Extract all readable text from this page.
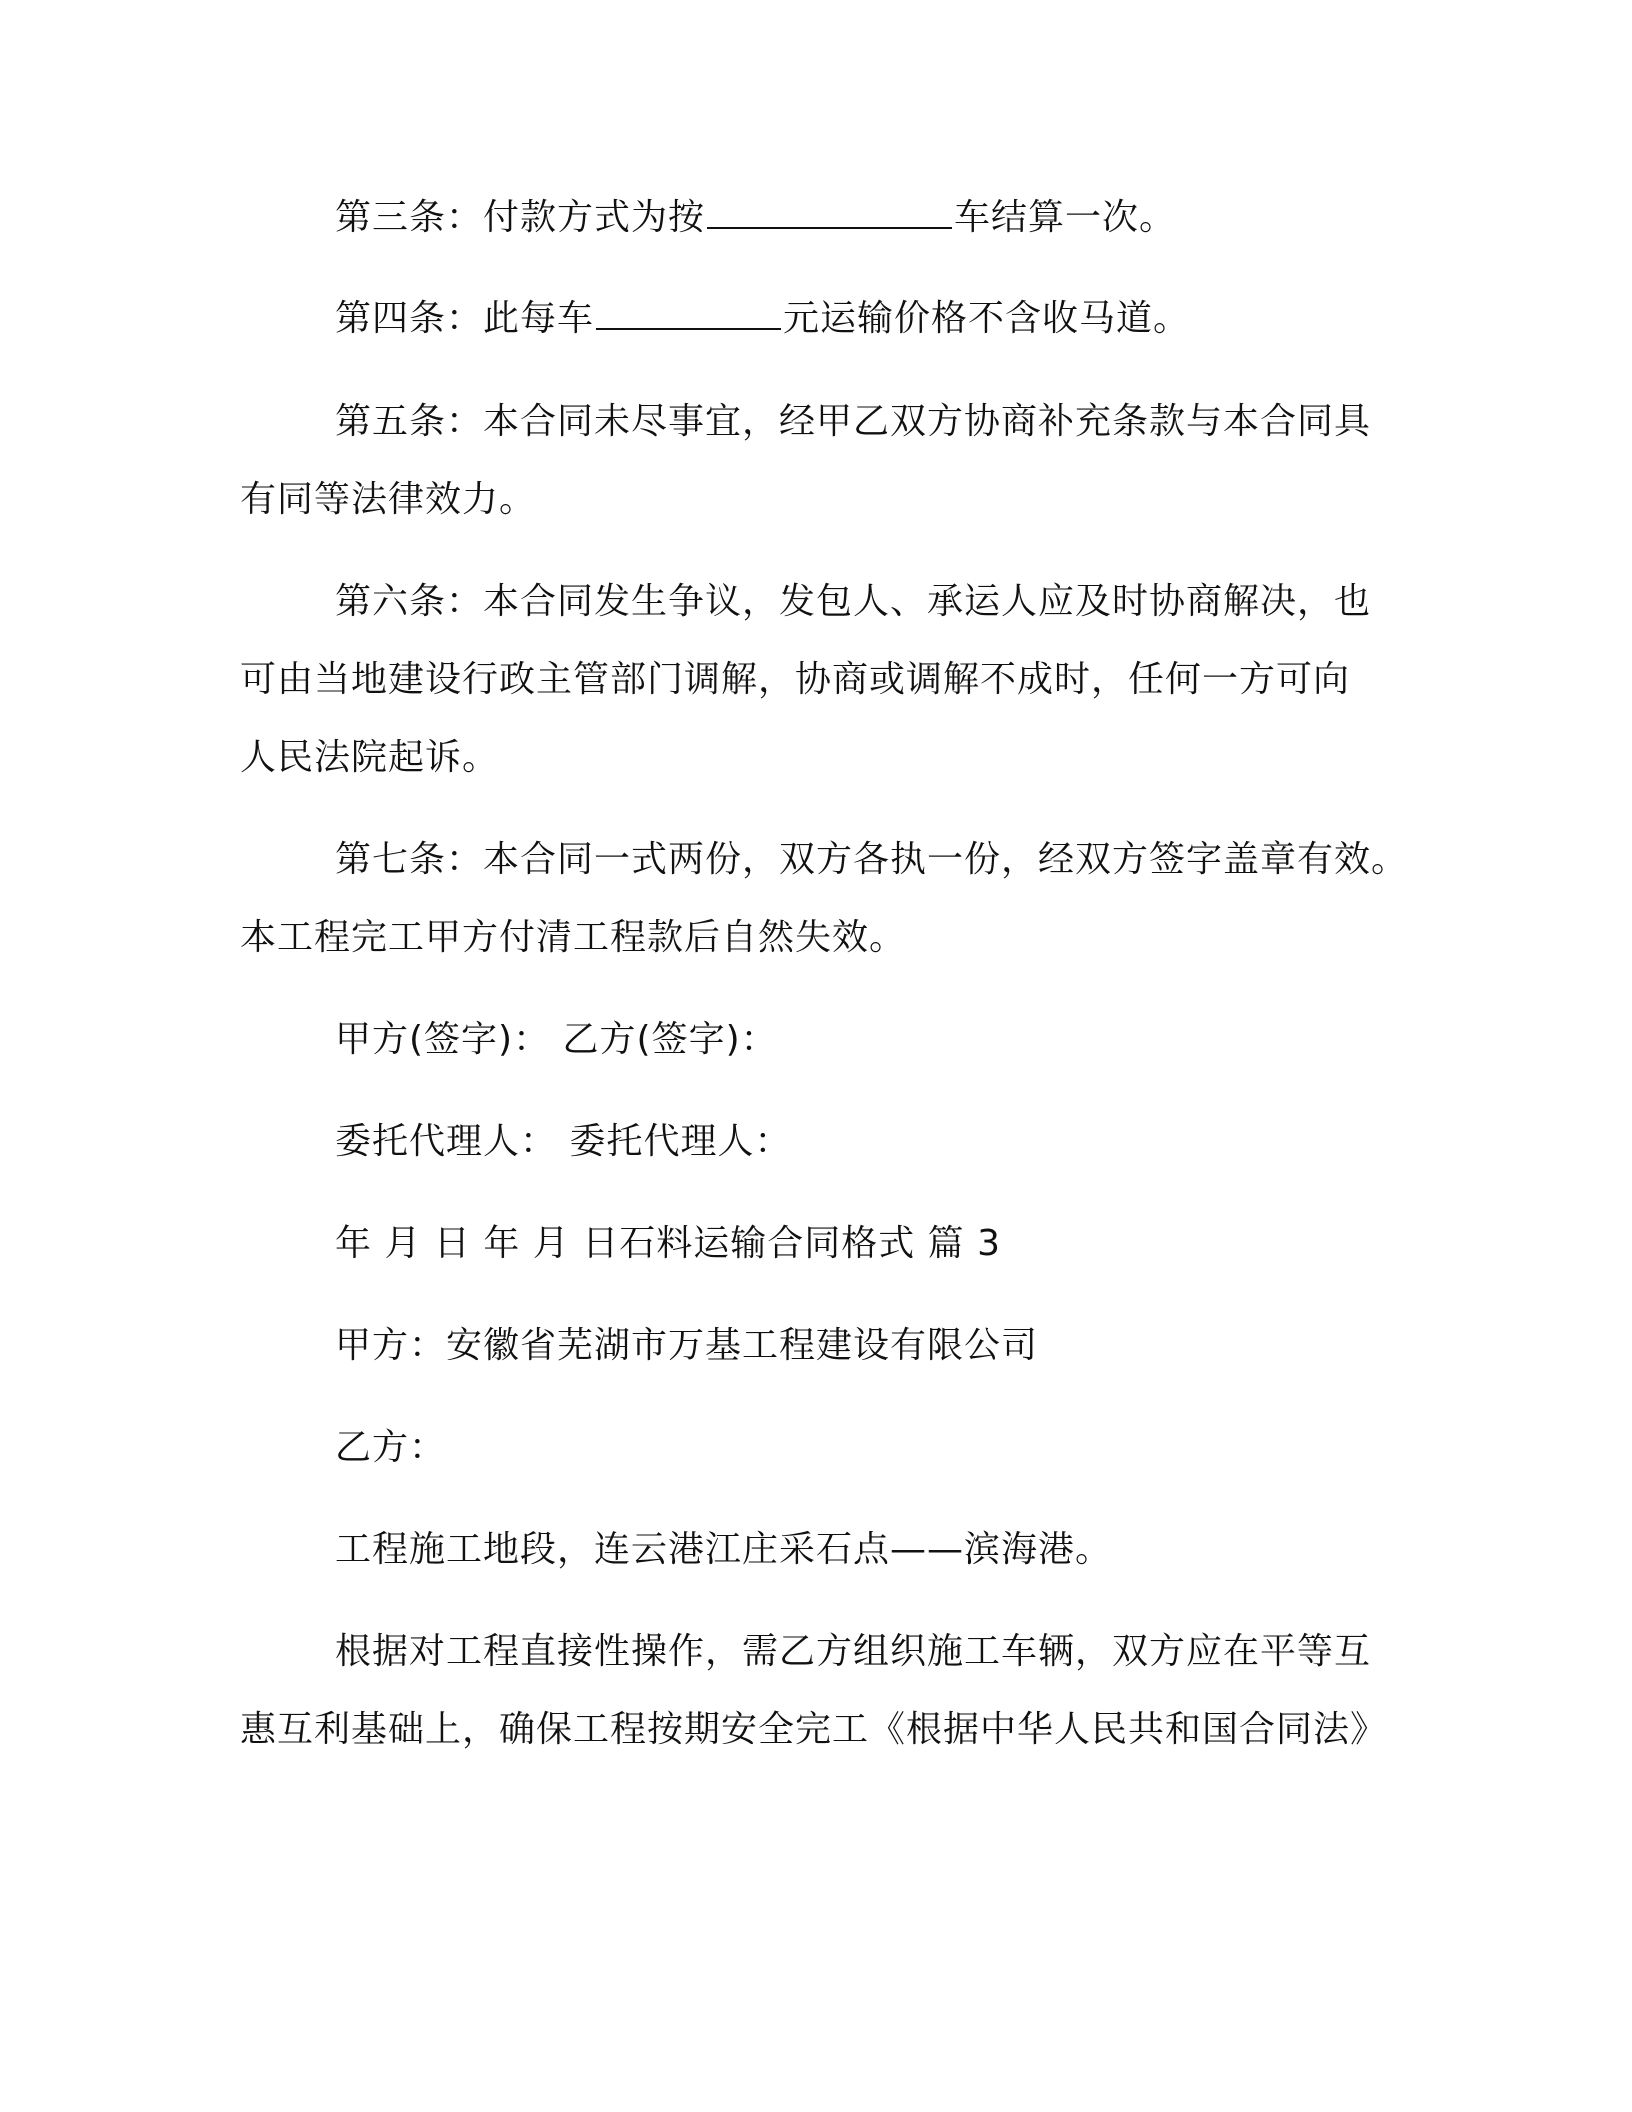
第三条：付款方式为按	车结算一次。
第四条：此每车	元运输价格不含收马道。
第五条：本合同未尽事宜，经甲乙双方协商补充条款与本合同具
有同等法律效力。
第六条：本合同发生争议，发包人、承运人应及时协商解决，也
可由当地建设行政主管部门调解，协商或调解不成时，任何一方可向
人民法院起诉。
第七条：本合同一式两份，双方各执一份，经双方签字盖章有效。
本工程完工甲方付清工程款后自然失效。
甲方(签字)： 乙方(签字)：
委托代理人： 委托代理人：
年 月 日 年 月 日石料运输合同格式 篇 3
甲方：安徽省芜湖市万基工程建设有限公司
乙方：
工程施工地段，连云港江庄采石点——滨海港。
根据对工程直接性操作，需乙方组织施工车辆，双方应在平等互
惠互利基础上，确保工程按期安全完工《根据中华人民共和国合同法》
